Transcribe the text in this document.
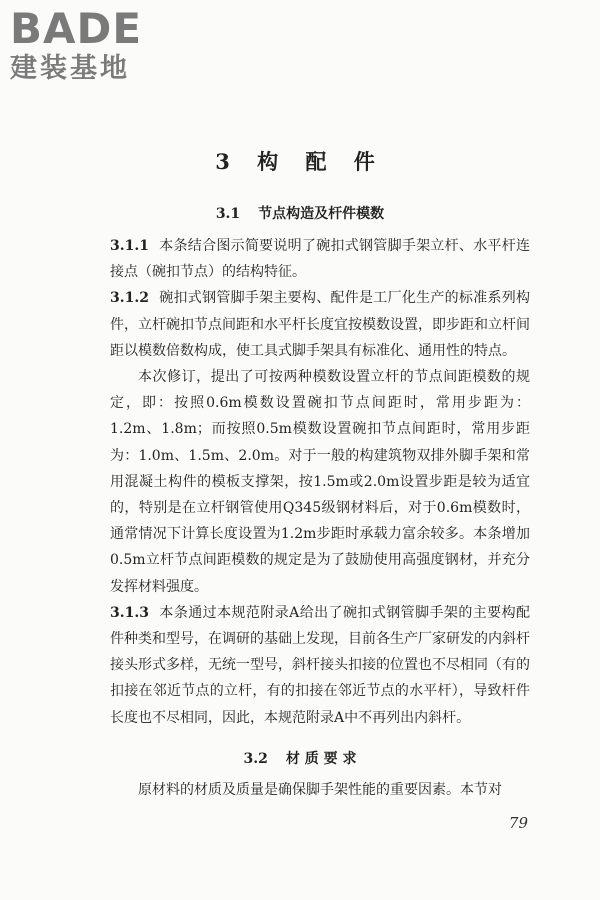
BADE
建装基地
3 构 配 件
3.1 节点构造及杆件模数

3.1.1 本条结合图示简要说明了碗扣式钢管脚手架立杆、水平杆连接点（碗扣节点）的结构特征。

3.1.2 碗扣式钢管脚手架主要构、配件是工厂化生产的标准系列构件，立杆碗扣节点间距和水平杆长度宜按模数设置，即步距和立杆间距以模数倍数构成，使工具式脚手架具有标准化、通用性的特点。

本次修订，提出了可按两种模数设置立杆的节点间距模数的规定，即：按照0.6m模数设置碗扣节点间距时，常用步距为：1.2m、1.8m；而按照0.5m模数设置碗扣节点间距时，常用步距为：1.0m、1.5m、2.0m。对于一般的构建筑物双排外脚手架和常用混凝土构件的模板支撑架，按1.5m或2.0m设置步距是较为适宜的，特别是在立杆钢管使用Q345级钢材料后，对于0.6m模数时，通常情况下计算长度设置为1.2m步距时承载力富余较多。本条增加0.5m立杆节点间距模数的规定是为了鼓励使用高强度钢材，并充分发挥材料强度。

3.1.3 本条通过本规范附录A给出了碗扣式钢管脚手架的主要构配件种类和型号，在调研的基础上发现，目前各生产厂家研发的内斜杆接头形式多样，无统一型号，斜杆接头扣接的位置也不尽相同（有的扣接在邻近节点的立杆，有的扣接在邻近节点的水平杆），导致杆件长度也不尽相同，因此，本规范附录A中不再列出内斜杆。

3.2 材 质 要 求

原材料的材质及质量是确保脚手架性能的重要因素。本节对

79
